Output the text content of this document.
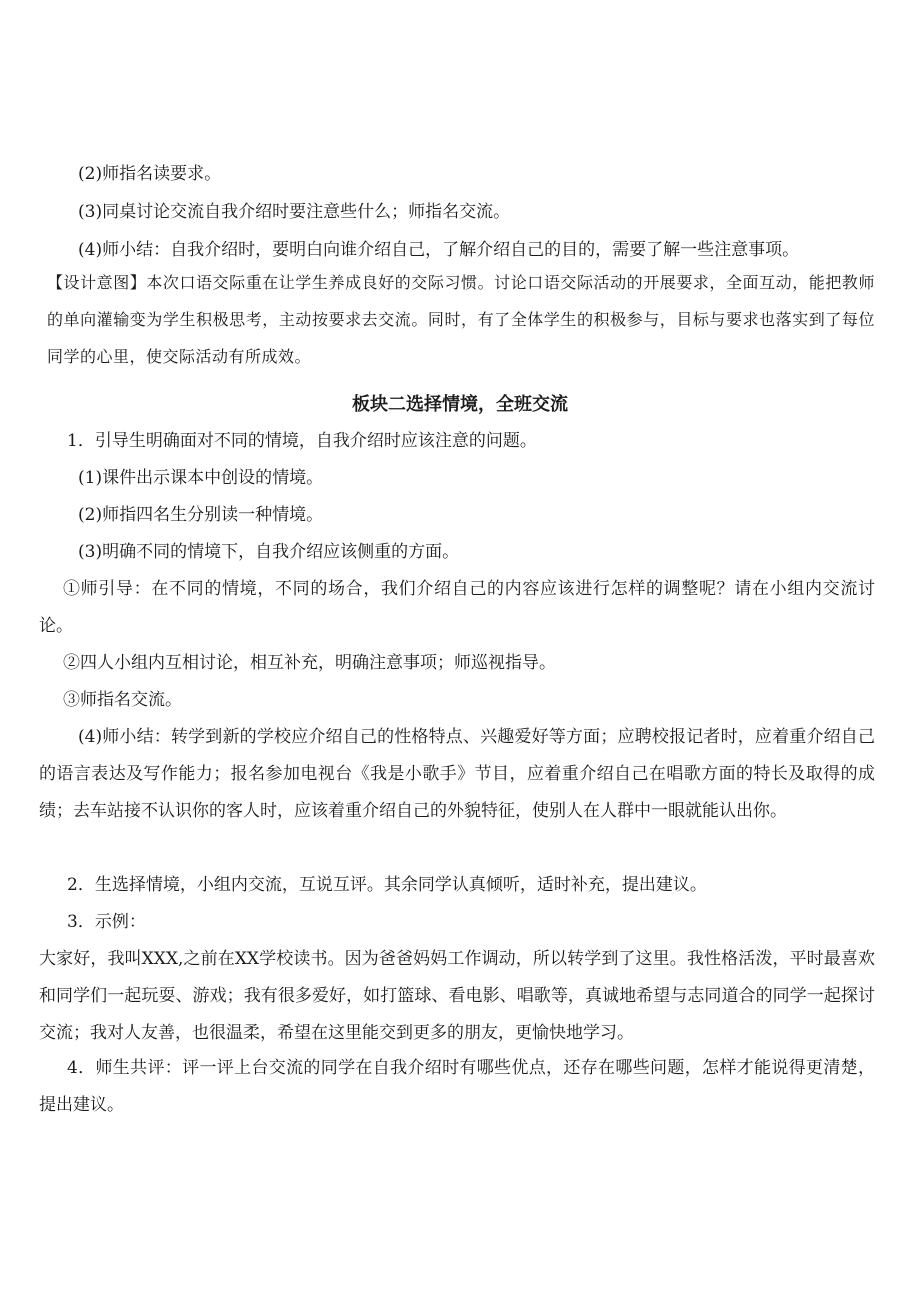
(2)师指名读要求。
(3)同桌讨论交流自我介绍时要注意些什么；师指名交流。
(4)师小结：自我介绍时，要明白向谁介绍自己，了解介绍自己的目的，需要了解一些注意事项。
【设计意图】本次口语交际重在让学生养成良好的交际习惯。讨论口语交际活动的开展要求，全面互动，能把教师的单向灌输变为学生积极思考，主动按要求去交流。同时，有了全体学生的积极参与，目标与要求也落实到了每位同学的心里，使交际活动有所成效。
板块二选择情境，全班交流
1．引导生明确面对不同的情境，自我介绍时应该注意的问题。
(1)课件出示课本中创设的情境。
(2)师指四名生分别读一种情境。
(3)明确不同的情境下，自我介绍应该侧重的方面。
①师引导：在不同的情境，不同的场合，我们介绍自己的内容应该进行怎样的调整呢？请在小组内交流讨论。
②四人小组内互相讨论，相互补充，明确注意事项；师巡视指导。
③师指名交流。
(4)师小结：转学到新的学校应介绍自己的性格特点、兴趣爱好等方面；应聘校报记者时，应着重介绍自己的语言表达及写作能力；报名参加电视台《我是小歌手》节目，应着重介绍自己在唱歌方面的特长及取得的成绩；去车站接不认识你的客人时，应该着重介绍自己的外貌特征，使别人在人群中一眼就能认出你。
2．生选择情境，小组内交流，互说互评。其余同学认真倾听，适时补充，提出建议。
3．示例：
大家好，我叫XXX,之前在XX学校读书。因为爸爸妈妈工作调动，所以转学到了这里。我性格活泼，平时最喜欢和同学们一起玩耍、游戏；我有很多爱好，如打篮球、看电影、唱歌等，真诚地希望与志同道合的同学一起探讨交流；我对人友善，也很温柔，希望在这里能交到更多的朋友，更愉快地学习。
4．师生共评：评一评上台交流的同学在自我介绍时有哪些优点，还存在哪些问题，怎样才能说得更清楚，提出建议。
